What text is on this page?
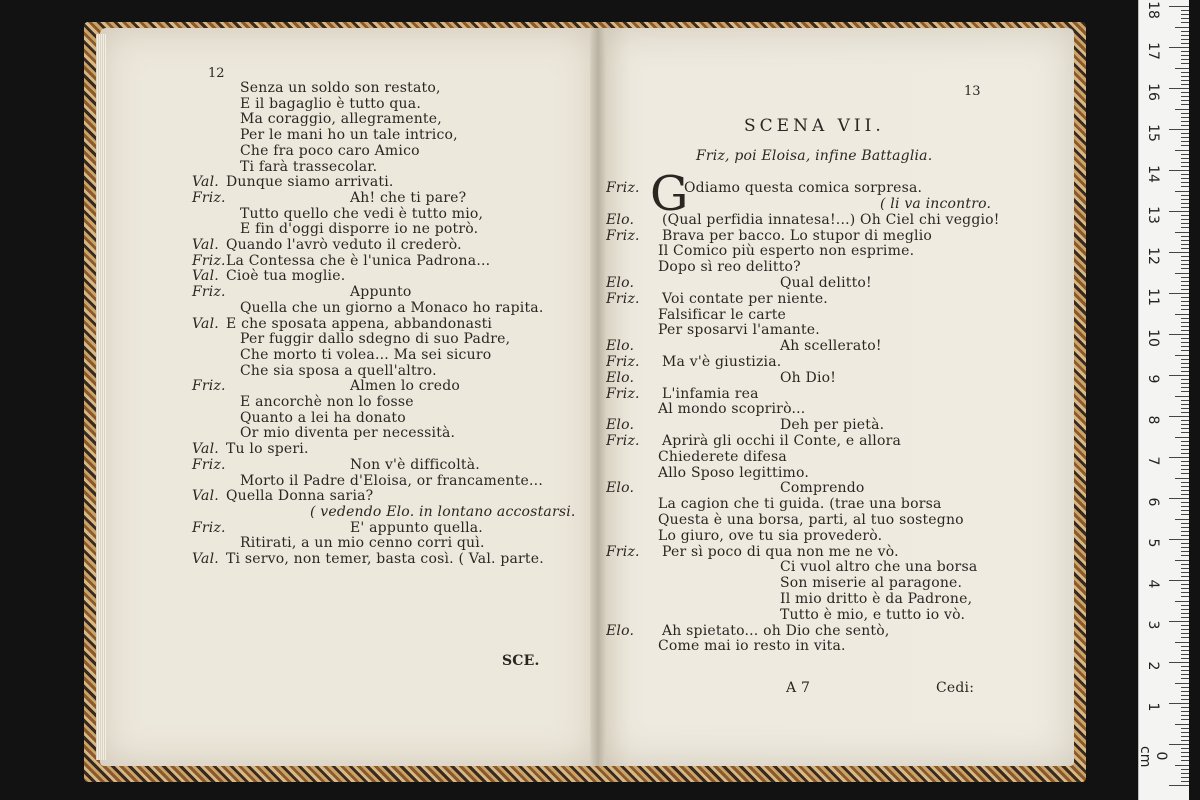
12
Senza un soldo son restato,
E il bagaglio è tutto qua.
Ma coraggio, allegramente,
Per le mani ho un tale intrico,
Che fra poco caro Amico
Ti farà trassecolar.
Val. Dunque siamo arrivati.
Friz.	Ah! che ti pare?
Tutto quello che vedi è tutto mio,
E fin d'oggi disporre io ne potrò.
Val. Quando l'avrò veduto il crederò.
Friz. La Contessa che è l'unica Padrona...
Val. Cioè tua moglie.
Friz.	Appunto
Quella che un giorno a Monaco ho rapita.
Val. E che sposata appena, abbandonasti
Per fuggir dallo sdegno di suo Padre,
Che morto ti volea... Ma sei sicuro
Che sia sposa a quell'altro.
Friz.	Almen lo credo
E ancorchè non lo fosse
Quanto a lei ha donato
Or mio diventa per necessità.
Val. Tu lo speri.
Friz.	Non v'è difficoltà.
Morto il Padre d'Eloisa, or francamente...
Val. Quella Donna saria?
( vedendo Elo. in lontano accostarsi.
Friz.	E' appunto quella.
Ritirati, a un mio cenno corri quì.
Val. Ti servo, non temer, basta così. ( Val. parte.
SCE.
13
SCENA VII.
Friz, poi Eloisa, infine Battaglia.
Friz. G
Odiamo questa comica sorpresa.
( li va incontro.
Elo. (Qual perfidia innatesa!...) Oh Ciel chi veggio!
Friz. Brava per bacco. Lo stupor di meglio
Il Comico più esperto non esprime.
Dopo sì reo delitto?
Elo.	Qual delitto!
Friz. Voi contate per niente.
Falsificar le carte
Per sposarvi l'amante.
Elo.	Ah scellerato!
Friz. Ma v'è giustizia.
Elo.	Oh Dio!
Friz. L'infamia rea
Al mondo scoprirò...
Elo.	Deh per pietà.
Friz. Aprirà gli occhi il Conte, e allora
Chiederete difesa
Allo Sposo legittimo.
Elo.	Comprendo
La cagion che ti guida. (trae una borsa
Questa è una borsa, parti, al tuo sostegno
Lo giuro, ove tu sia provederò.
Friz. Per sì poco di qua non me ne vò.
Ci vuol altro che una borsa
Son miserie al paragone.
Il mio dritto è da Padrone,
Tutto è mio, e tutto io vò.
Elo. Ah spietato... oh Dio che sentò,
Come mai io resto in vita.
A 7	Cedi:
18
17
16
15
14
13
12
11
10
9
8
7
6
5
4
3
2
1
0 cm
